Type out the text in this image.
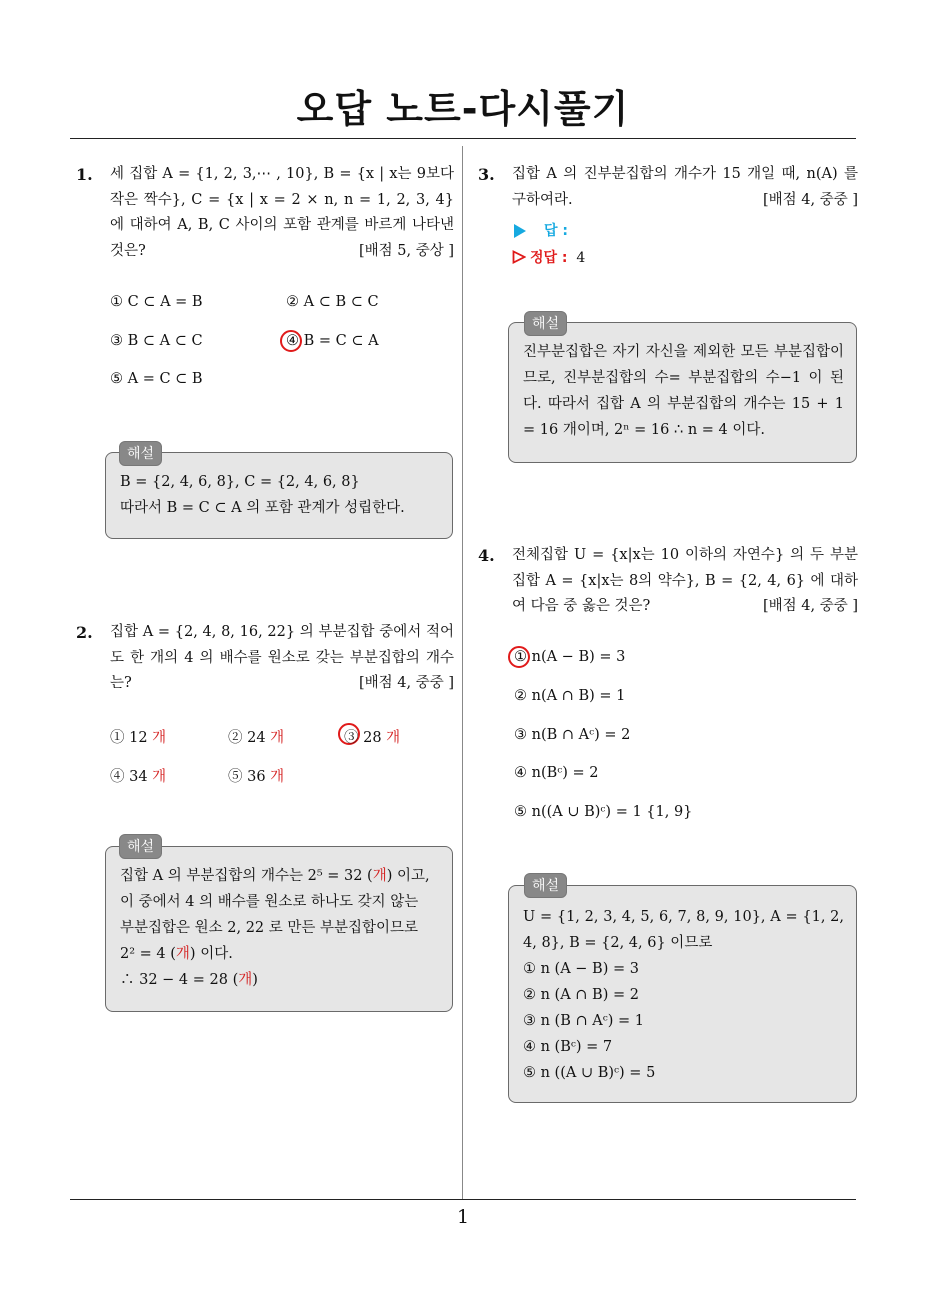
오답 노트-다시풀기
1. 세 집합 A = {1, 2, 3,⋯ , 10}, B = {x | x는 9보다 작은 짝수}, C = {x | x = 2 × n, n = 1, 2, 3, 4} 에 대하여 A, B, C 사이의 포함 관계를 바르게 나타낸 것은?	[배점 5, 중상 ]
① C ⊂ A = B	② A ⊂ B ⊂ C
③ B ⊂ A ⊂ C	④ B = C ⊂ A
⑤ A = C ⊂ B
B = {2, 4, 6, 8}, C = {2, 4, 6, 8}
따라서 B = C ⊂ A 의 포함 관계가 성립한다.
해설
2. 집합 A = {2, 4, 8, 16, 22} 의 부분집합 중에서 적어도 한 개의 4 의 배수를 원소로 갖는 부분집합의 개수는?	[배점 4, 중중 ]
① 12 개	② 24 개	③ 28 개
④ 34 개	⑤ 36 개
집합 A 의 부분집합의 개수는 2⁵ = 32 (개) 이고,
이 중에서 4 의 배수를 원소로 하나도 갖지 않는
부분집합은 원소 2, 22 로 만든 부분집합이므로
2² = 4 (개) 이다.
∴ 32 − 4 = 28 (개)
해설
3. 집합 A 의 진부분집합의 개수가 15 개일 때, n(A) 를 구하여라.	[배점 4, 중중 ]
답 :
정답 : 4
진부분집합은 자기 자신을 제외한 모든 부분집합이므로, 진부분집합의 수= 부분집합의 수−1 이 된다. 따라서 집합 A 의 부분집합의 개수는 15 + 1 = 16 개이며, 2ⁿ = 16 ∴ n = 4 이다.
해설
4. 전체집합 U = {x|x는 10 이하의 자연수} 의 두 부분집합 A = {x|x는 8의 약수}, B = {2, 4, 6} 에 대하여 다음 중 옳은 것은?	[배점 4, 중중 ]
① n(A − B) = 3
② n(A ∩ B) = 1
③ n(B ∩ Aᶜ) = 2
④ n(Bᶜ) = 2
⑤ n((A ∪ B)ᶜ) = 1 {1, 9}
U = {1, 2, 3, 4, 5, 6, 7, 8, 9, 10}, A = {1, 2, 4, 8}, B = {2, 4, 6} 이므로
① n (A − B) = 3
② n (A ∩ B) = 2
③ n (B ∩ Aᶜ) = 1
④ n (Bᶜ) = 7
⑤ n ((A ∪ B)ᶜ) = 5
해설
1
